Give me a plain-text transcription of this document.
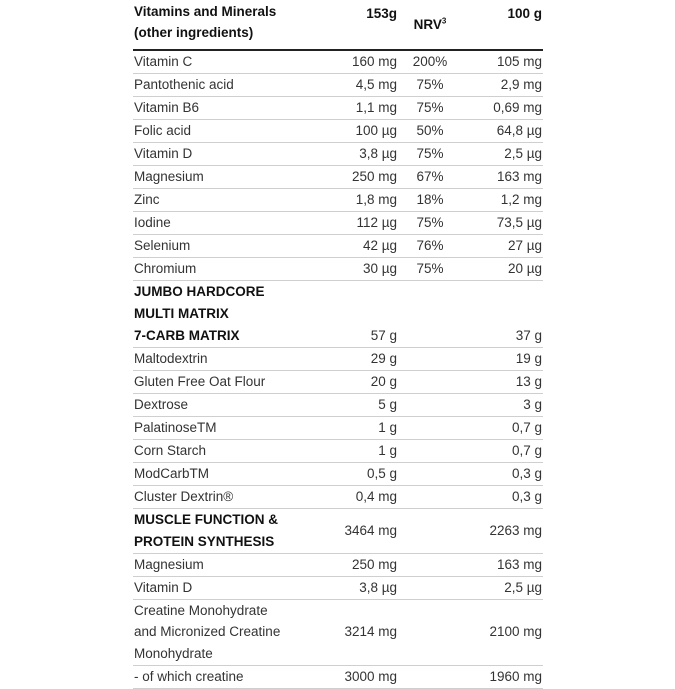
Vitamins and Minerals
(other ingredients)	153g	NRV$^3$	100 g
Vitamin C	160 mg	200%	105 mg
Pantothenic acid	4,5 mg	75%	2,9 mg
Vitamin B6	1,1 mg	75%	0,69 mg
Folic acid	100 µg	50%	64,8 µg
Vitamin D	3,8 µg	75%	2,5 µg
Magnesium	250 mg	67%	163 mg
Zinc	1,8 mg	18%	1,2 mg
Iodine	112 µg	75%	73,5 µg
Selenium	42 µg	76%	27 µg
Chromium	30 µg	75%	20 µg
JUMBO HARDCORE			
MULTI MATRIX			
7-CARB MATRIX	57 g		37 g
Maltodextrin	29 g		19 g
Gluten Free Oat Flour	20 g		13 g
Dextrose	5 g		3 g
PalatinoseTM	1 g		0,7 g
Corn Starch	1 g		0,7 g
ModCarbTM	0,5 g		0,3 g
Cluster Dextrin®	0,4 mg		0,3 g
MUSCLE FUNCTION &
PROTEIN SYNTHESIS	3464 mg		2263 mg
Magnesium	250 mg		163 mg
Vitamin D	3,8 µg		2,5 µg
Creatine Monohydrate
and Micronized Creatine
Monohydrate	3214 mg		2100 mg
- of which creatine	3000 mg		1960 mg
